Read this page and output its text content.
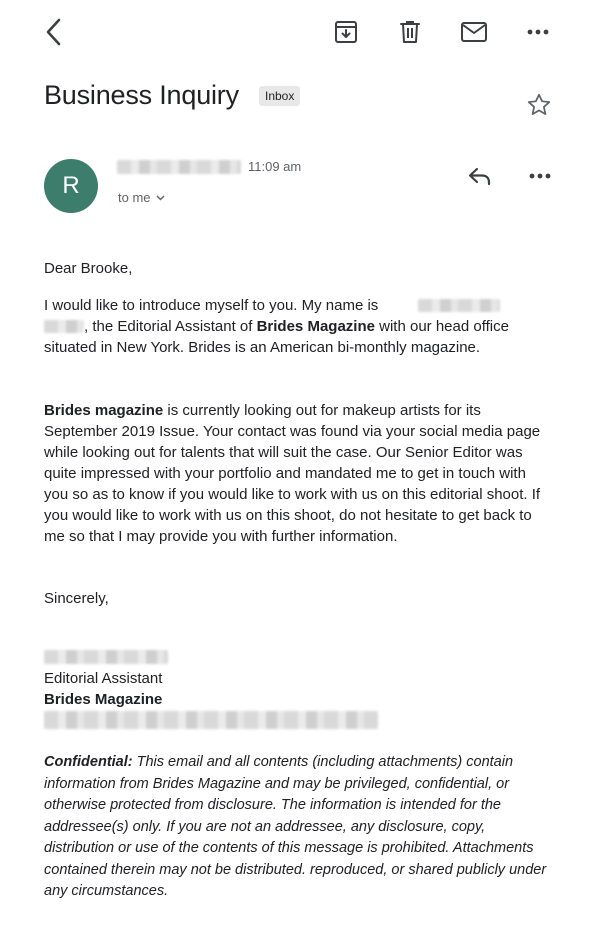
Business Inquiry	Inbox
R
11:09 am
to me

Dear Brooke,

I would like to introduce myself to you. My name is
, the Editorial Assistant of Brides Magazine with our head office situated in New York. Brides is an American bi-monthly magazine.

Brides magazine is currently looking out for makeup artists for its September 2019 Issue. Your contact was found via your social media page while looking out for talents that will suit the case. Our Senior Editor was quite impressed with your portfolio and mandated me to get in touch with you so as to know if you would like to work with us on this editorial shoot. If you would like to work with us on this shoot, do not hesitate to get back to me so that I may provide you with further information.

Sincerely,

Editorial Assistant

Brides Magazine

Confidential: This email and all contents (including attachments) contain information from Brides Magazine and may be privileged, confidential, or otherwise protected from disclosure. The information is intended for the addressee(s) only. If you are not an addressee, any disclosure, copy, distribution or use of the contents of this message is prohibited. Attachments contained therein may not be distributed. reproduced, or shared publicly under any circumstances.
